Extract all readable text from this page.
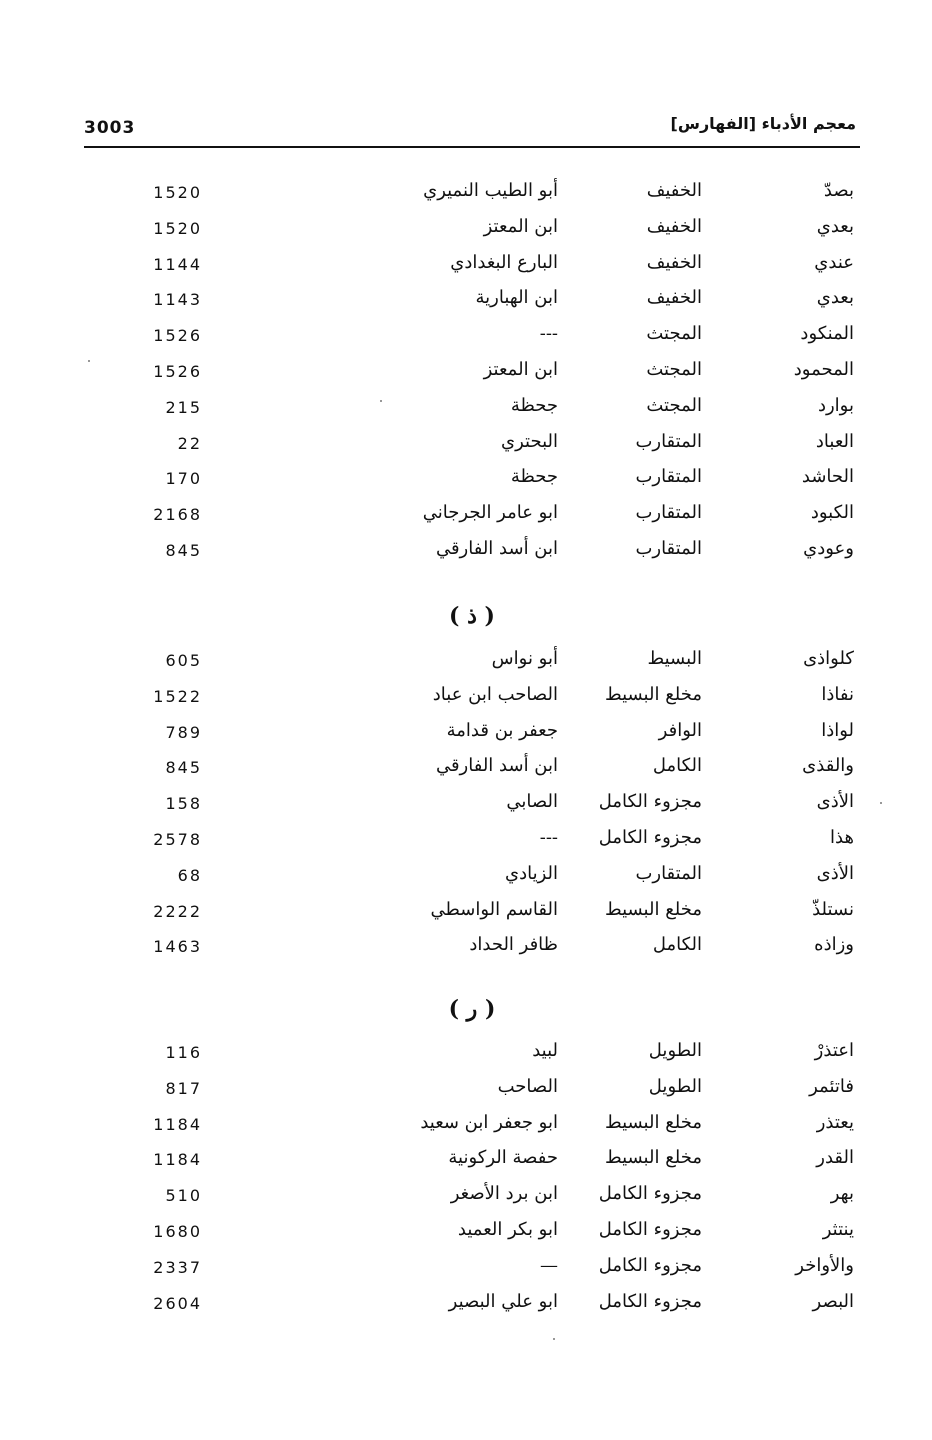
3003	معجم الأدباء [الفهارس]
بصدّ
الخفيف
أبو الطيب النميري
1520
بعدي
الخفيف
ابن المعتز
1520
عندي
الخفيف
البارع البغدادي
1144
بعدي
الخفيف
ابن الهبارية
1143
المنكود
المجتث
---
1526
المحمود
المجتث
ابن المعتز
1526
بوارد
المجتث
جحظة
215
العباد
المتقارب
البحتري
22
الحاشد
المتقارب
جحظة
170
الكبود
المتقارب
ابو عامر الجرجاني
2168
وعودي
المتقارب
ابن أسد الفارقي
845
( ذ )
كلواذى
البسيط
أبو نواس
605
نفاذا
مخلع البسيط
الصاحب ابن عباد
1522
لواذا
الوافر
جعفر بن قدامة
789
والقذى
الكامل
ابن أسد الفارقي
845
الأذى
مجزوء الكامل
الصابي
158
هذا
مجزوء الكامل
---
2578
الأذى
المتقارب
الزيادي
68
نستلذّ
مخلع البسيط
القاسم الواسطي
2222
وزاذه
الكامل
ظافر الحداد
1463
( ر )
اعتذرْ
الطويل
لبيد
116
فاتئمر
الطويل
الصاحب
817
يعتذر
مخلع البسيط
ابو جعفر ابن سعيد
1184
القدر
مخلع البسيط
حفصة الركونية
1184
بهر
مجزوء الكامل
ابن برد الأصغر
510
ينتثر
مجزوء الكامل
ابو بكر العميد
1680
والأواخر
مجزوء الكامل
—
2337
البصر
مجزوء الكامل
ابو علي البصير
2604
